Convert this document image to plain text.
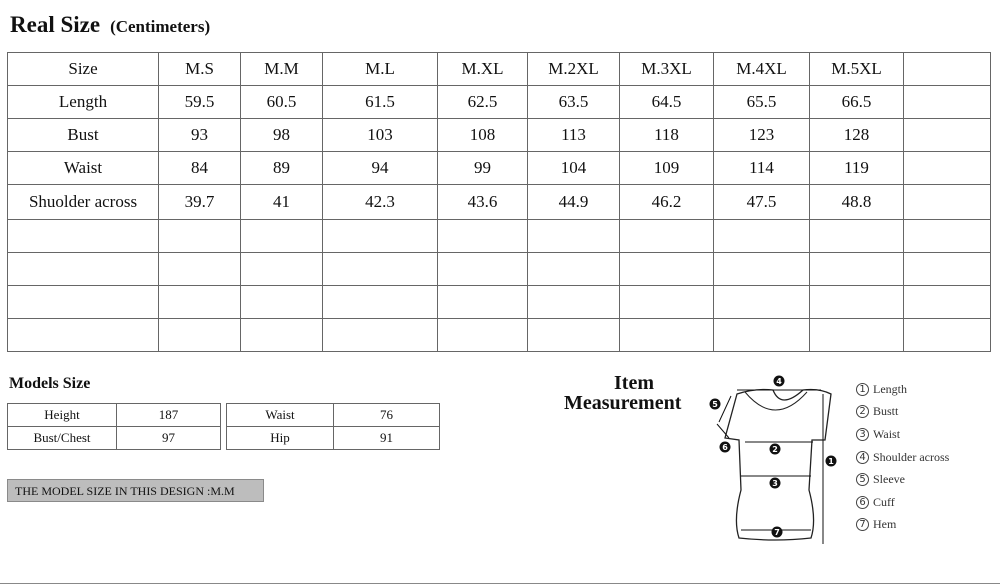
Real Size (Centimeters)
Size	M.S	M.M	M.L	M.XL	M.2XL	M.3XL	M.4XL	M.5XL	
Length	59.5	60.5	61.5	62.5	63.5	64.5	65.5	66.5	
Bust	93	98	103	108	113	118	123	128	
Waist	84	89	94	99	104	109	114	119	
Shuolder across	39.7	41	42.3	43.6	44.9	46.2	47.5	48.8	

Models Size
Height	187
Bust/Chest	97
Waist	76
Hip	91
THE MODEL SIZE IN THIS DESIGN :M.M
Item
Measurement
4
2
3
7
1
5
6
1 Length
2 Bustt
3 Waist
4 Shoulder across
5 Sleeve
6 Cuff
7 Hem
